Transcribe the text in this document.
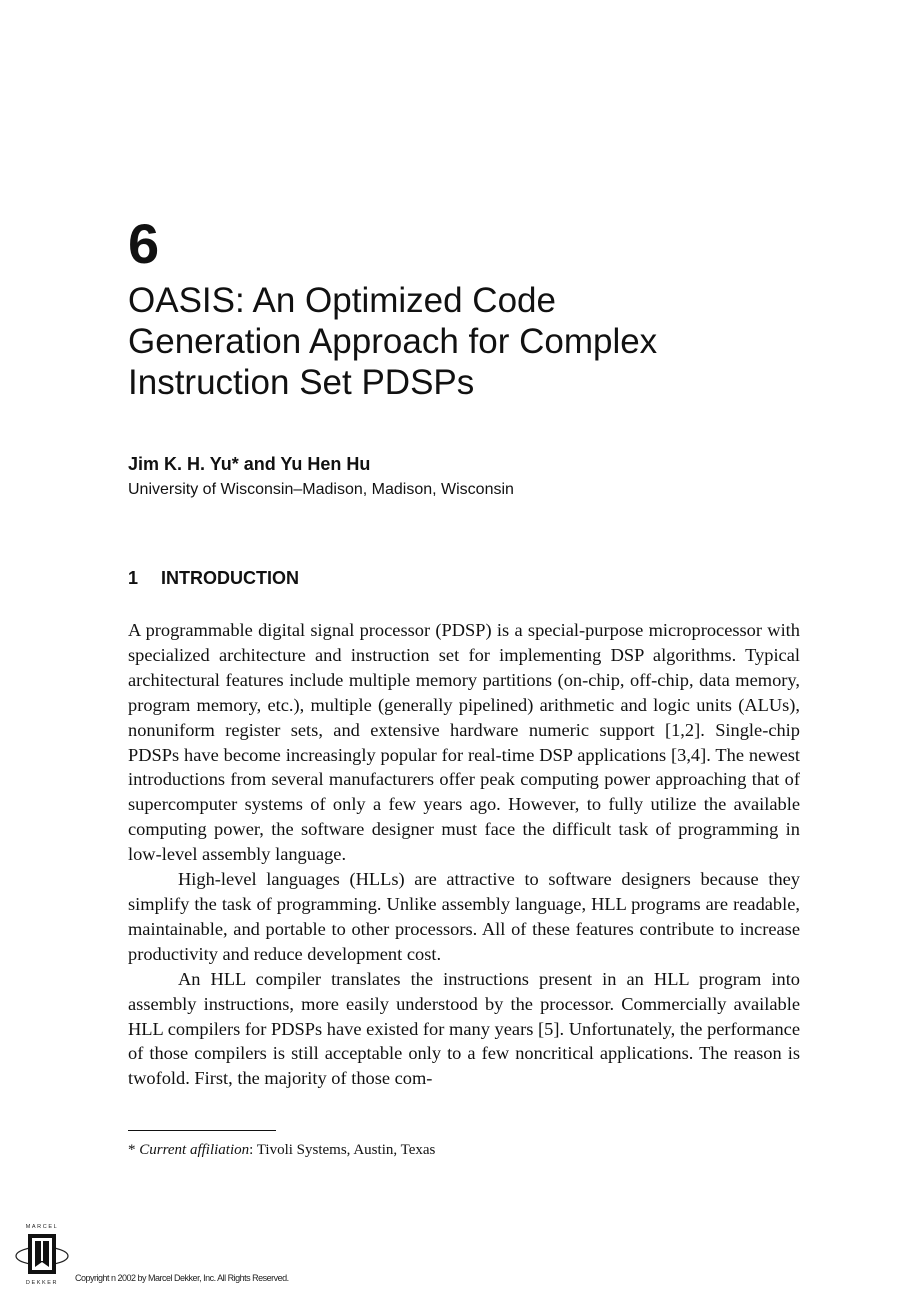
6
OASIS: An Optimized Code
Generation Approach for Complex
Instruction Set PDSPs

Jim K. H. Yu* and Yu Hen Hu

University of Wisconsin–Madison, Madison, Wisconsin

1 INTRODUCTION

A programmable digital signal processor (PDSP) is a special-purpose microprocessor with specialized architecture and instruction set for implementing DSP algorithms. Typical architectural features include multiple memory partitions (on-chip, off-chip, data memory, program memory, etc.), multiple (generally pipelined) arithmetic and logic units (ALUs), nonuniform register sets, and extensive hardware numeric support [1,2]. Single-chip PDSPs have become increasingly popular for real-time DSP applications [3,4]. The newest introductions from several manufacturers offer peak computing power approaching that of supercomputer systems of only a few years ago. However, to fully utilize the available computing power, the software designer must face the difficult task of programming in low-level assembly language.

High-level languages (HLLs) are attractive to software designers because they simplify the task of programming. Unlike assembly language, HLL programs are readable, maintainable, and portable to other processors. All of these features contribute to increase productivity and reduce development cost.

An HLL compiler translates the instructions present in an HLL program into assembly instructions, more easily understood by the processor. Commercially available HLL compilers for PDSPs have existed for many years [5]. Unfortunately, the performance of those compilers is still acceptable only to a few noncritical applications. The reason is twofold. First, the majority of those com-

* Current affiliation: Tivoli Systems, Austin, Texas

MARCEL
DEKKER Copyright n 2002 by Marcel Dekker, Inc. All Rights Reserved.
